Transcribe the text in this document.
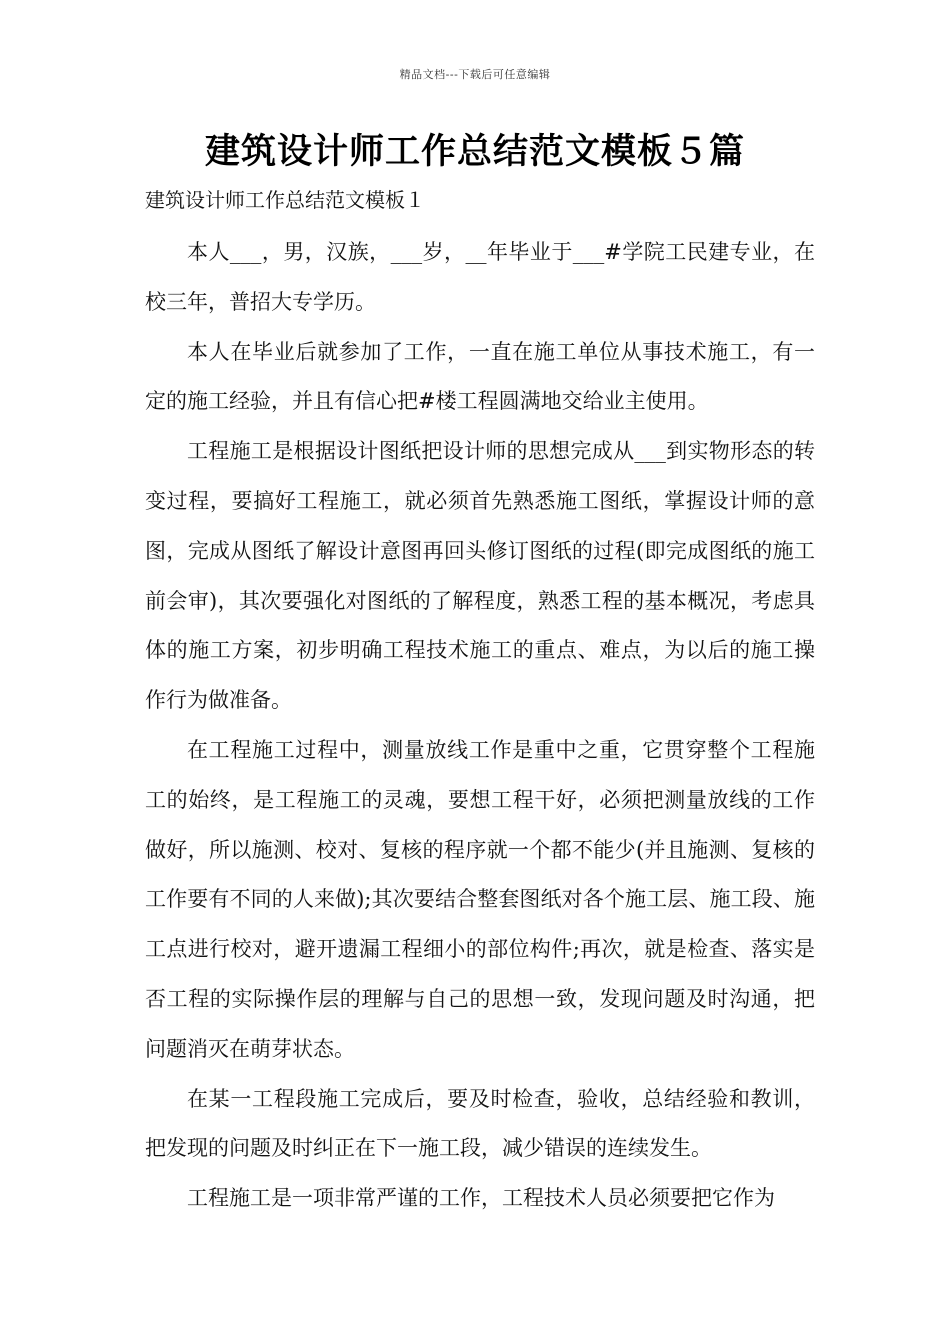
精品文档---下载后可任意编辑
建筑设计师工作总结范文模板５篇
建筑设计师工作总结范文模板１

本人___，男，汉族，___岁，__年毕业于___#学院工民建专业，在校三年，普招大专学历。

本人在毕业后就参加了工作，一直在施工单位从事技术施工，有一定的施工经验，并且有信心把#楼工程圆满地交给业主使用。

工程施工是根据设计图纸把设计师的思想完成从___到实物形态的转变过程，要搞好工程施工，就必须首先熟悉施工图纸，掌握设计师的意图，完成从图纸了解设计意图再回头修订图纸的过程(即完成图纸的施工前会审)，其次要强化对图纸的了解程度，熟悉工程的基本概况，考虑具体的施工方案，初步明确工程技术施工的重点、难点，为以后的施工操作行为做准备。

在工程施工过程中，测量放线工作是重中之重，它贯穿整个工程施工的始终，是工程施工的灵魂，要想工程干好，必须把测量放线的工作做好，所以施测、校对、复核的程序就一个都不能少(并且施测、复核的工作要有不同的人来做);其次要结合整套图纸对各个施工层、施工段、施工点进行校对，避开遗漏工程细小的部位构件;再次，就是检查、落实是否工程的实际操作层的理解与自己的思想一致，发现问题及时沟通，把问题消灭在萌芽状态。

在某一工程段施工完成后，要及时检查，验收，总结经验和教训，把发现的问题及时纠正在下一施工段，减少错误的连续发生。

工程施工是一项非常严谨的工作，工程技术人员必须要把它作为
